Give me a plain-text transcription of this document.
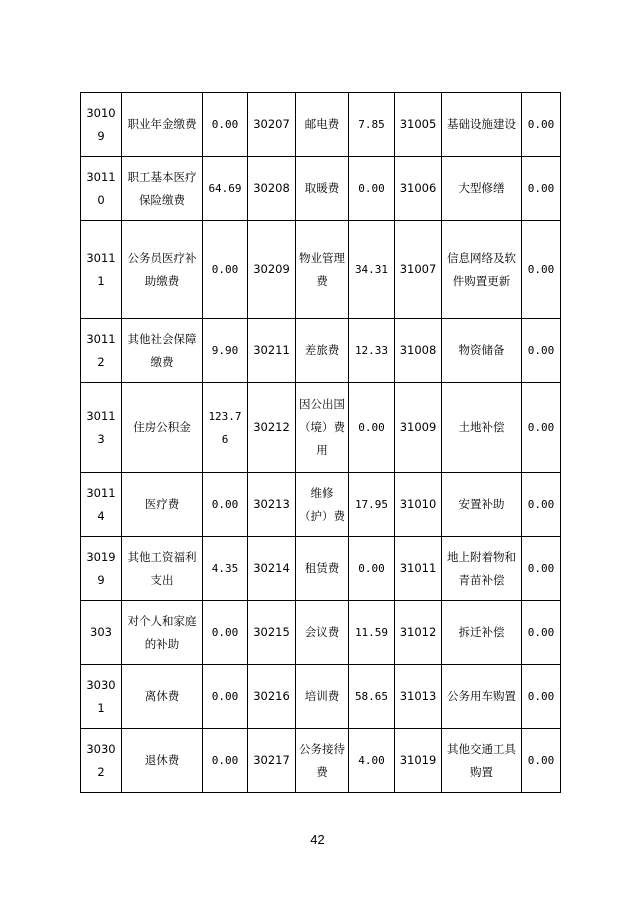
30109	职业年金缴费	0.00	30207	邮电费	7.85	31005	基础设施建设	0.00
30110	职工基本医疗保险缴费	64.69	30208	取暖费	0.00	31006	大型修缮	0.00
30111	公务员医疗补助缴费	0.00	30209	物业管理费	34.31	31007	信息网络及软件购置更新	0.00
30112	其他社会保障缴费	9.90	30211	差旅费	12.33	31008	物资储备	0.00
30113	住房公积金	123.76	30212	因公出国（境）费用	0.00	31009	土地补偿	0.00
30114	医疗费	0.00	30213	维修（护）费	17.95	31010	安置补助	0.00
30199	其他工资福利支出	4.35	30214	租赁费	0.00	31011	地上附着物和青苗补偿	0.00
303	对个人和家庭的补助	0.00	30215	会议费	11.59	31012	拆迁补偿	0.00
30301	离休费	0.00	30216	培训费	58.65	31013	公务用车购置	0.00
30302	退休费	0.00	30217	公务接待费	4.00	31019	其他交通工具购置	0.00
42
